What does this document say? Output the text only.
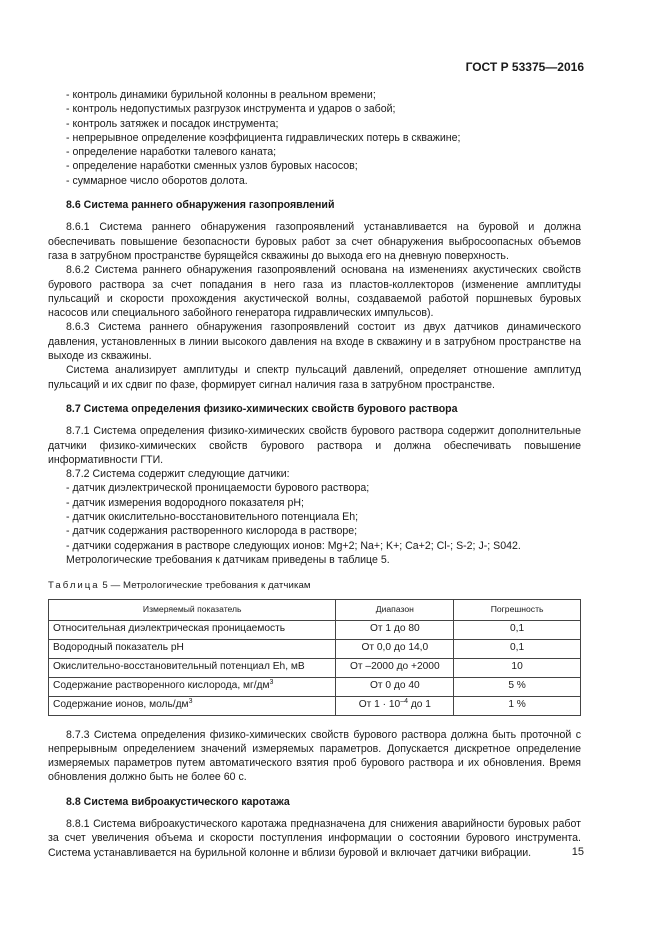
ГОСТ Р 53375—2016
- контроль динамики бурильной колонны в реальном времени;
- контроль недопустимых разгрузок инструмента и ударов о забой;
- контроль затяжек и посадок инструмента;
- непрерывное определение коэффициента гидравлических потерь в скважине;
- определение наработки талевого каната;
- определение наработки сменных узлов буровых насосов;
- суммарное число оборотов долота.
8.6 Система раннего обнаружения газопроявлений

8.6.1 Система раннего обнаружения газопроявлений устанавливается на буровой и должна обеспечивать повышение безопасности буровых работ за счет обнаружения выбросоопасных объемов газа в затрубном пространстве бурящейся скважины до выхода его на дневную поверхность.

8.6.2 Система раннего обнаружения газопроявлений основана на изменениях акустических свойств бурового раствора за счет попадания в него газа из пластов-коллекторов (изменение амплитуды пульсаций и скорости прохождения акустической волны, создаваемой работой поршневых буровых насосов или специального забойного генератора гидравлических импульсов).

8.6.3 Система раннего обнаружения газопроявлений состоит из двух датчиков динамического давления, установленных в линии высокого давления на входе в скважину и в затрубном пространстве на выходе из скважины.

Система анализирует амплитуды и спектр пульсаций давлений, определяет отношение амплитуд пульсаций и их сдвиг по фазе, формирует сигнал наличия газа в затрубном пространстве.

8.7 Система определения физико-химических свойств бурового раствора

8.7.1 Система определения физико-химических свойств бурового раствора содержит дополнительные датчики физико-химических свойств бурового раствора и должна обеспечивать повышение информативности ГТИ.

8.7.2 Система содержит следующие датчики:

- датчик диэлектрической проницаемости бурового раствора;
- датчик измерения водородного показателя pH;
- датчик окислительно-восстановительного потенциала Eh;
- датчик содержания растворенного кислорода в растворе;
- датчики содержания в растворе следующих ионов: Mg+2; Na+; K+; Ca+2; Cl-; S-2; J-; S042.

Метрологические требования к датчикам приведены в таблице 5.

Таблица 5 — Метрологические требования к датчикам
Измеряемый показатель	Диапазон	Погрешность
Относительная диэлектрическая проницаемость	От 1 до 80	0,1
Водородный показатель pH	От 0,0 до 14,0	0,1
Окислительно-восстановительный потенциал Eh, мВ	От –2000 до +2000	10
Содержание растворенного кислорода, $мг/дм^3$	От 0 до 40	5 %
Содержание ионов, моль/$дм^3$	От $1 \cdot 10^{-4}$ до 1	1 %

8.7.3 Система определения физико-химических свойств бурового раствора должна быть проточной с непрерывным определением значений измеряемых параметров. Допускается дискретное определение измеряемых параметров путем автоматического взятия проб бурового раствора и их обновления. Время обновления должно быть не более 60 с.

8.8 Система виброакустического каротажа

8.8.1 Система виброакустического каротажа предназначена для снижения аварийности буровых работ за счет увеличения объема и скорости поступления информации о состоянии бурового инструмента. Система устанавливается на бурильной колонне и вблизи буровой и включает датчики вибрации.	15
